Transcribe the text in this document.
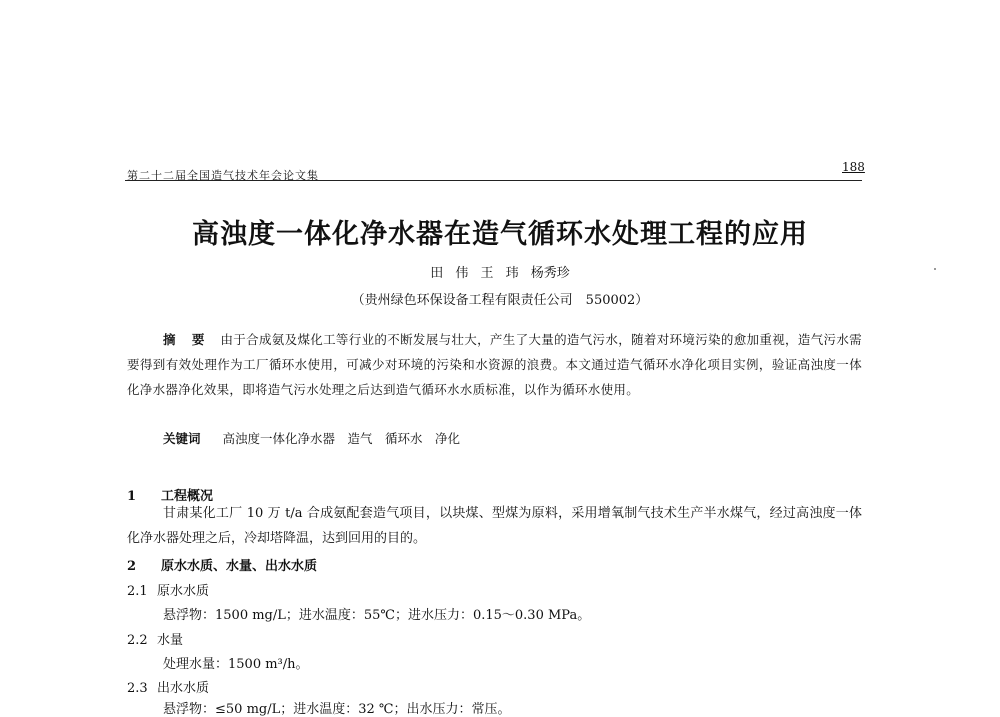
第二十二届全国造气技术年会论文集
188
高浊度一体化净水器在造气循环水处理工程的应用
田 伟 王 玮 杨秀珍
（贵州绿色环保设备工程有限责任公司　550002）
摘 要 由于合成氨及煤化工等行业的不断发展与壮大，产生了大量的造气污水，随着对环境污染的愈加重视，造气污水需要得到有效处理作为工厂循环水使用，可减少对环境的污染和水资源的浪费。本文通过造气循环水净化项目实例，验证高浊度一体化净水器净化效果，即将造气污水处理之后达到造气循环水水质标准，以作为循环水使用。
关键词 高浊度一体化净水器　造气　循环水　净化
1 工程概况
甘肃某化工厂 10 万 t/a 合成氨配套造气项目，以块煤、型煤为原料，采用增氧制气技术生产半水煤气，经过高浊度一体化净水器处理之后，冷却塔降温，达到回用的目的。
2 原水水质、水量、出水水质
2.1 原水水质
悬浮物：1500 mg/L；进水温度：55℃；进水压力：0.15～0.30 MPa。
2.2 水量
处理水量：1500 m³/h。
2.3 出水水质
悬浮物：≤50 mg/L；进水温度：32 ℃；出水压力：常压。
